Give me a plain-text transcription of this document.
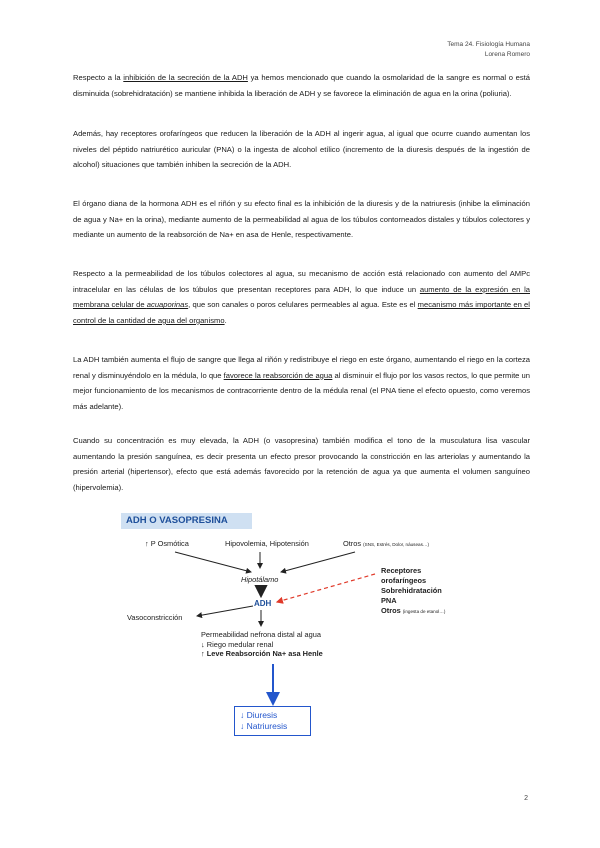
Tema 24. Fisiología Humana
Lorena Romero
Respecto a la inhibición de la secreción de la ADH ya hemos mencionado que cuando la osmolaridad de la sangre es normal o está disminuida (sobrehidratación) se mantiene inhibida la liberación de ADH y se favorece la eliminación de agua en la orina (poliuria).
Además, hay receptores orofaríngeos que reducen la liberación de la ADH al ingerir agua, al igual que ocurre cuando aumentan los niveles del péptido natriurético auricular (PNA) o la ingesta de alcohol etílico (incremento de la diuresis después de la ingestión de alcohol) situaciones que también inhiben la secreción de la ADH.
El órgano diana de la hormona ADH es el riñón y su efecto final es la inhibición de la diuresis y de la natriuresis (inhibe la eliminación de agua y Na+ en la orina), mediante aumento de la permeabilidad al agua de los túbulos contorneados distales y túbulos colectores y mediante un aumento de la reabsorción de Na+ en asa de Henle, respectivamente.
Respecto a la permeabilidad de los túbulos colectores al agua, su mecanismo de acción está relacionado con aumento del AMPc intracelular en las células de los túbulos que presentan receptores para ADH, lo que induce un aumento de la expresión en la membrana celular de acuaporinas, que son canales o poros celulares permeables al agua. Este es el mecanismo más importante en el control de la cantidad de agua del organismo.
La ADH también aumenta el flujo de sangre que llega al riñón y redistribuye el riego en este órgano, aumentando el riego en la corteza renal y disminuyéndolo en la médula, lo que favorece la reabsorción de agua al disminuir el flujo por los vasos rectos, lo que permite un mejor funcionamiento de los mecanismos de contracorriente dentro de la médula renal (el PNA tiene el efecto opuesto, como veremos más adelante).
Cuando su concentración es muy elevada, la ADH (o vasopresina) también modifica el tono de la musculatura lisa vascular aumentando la presión sanguínea, es decir presenta un efecto presor provocando la constricción en las arteriolas y aumentando la presión arterial (hipertensor), efecto que está además favorecido por la retención de agua ya que aumenta el volumen sanguíneo (hipervolemia).
ADH O VASOPRESINA
↑ P Osmótica	Hipovolemia, Hipotensión	Otros (SNS, Estrés, Dolor, náuseas…)
Hipotálamo
ADH
Vasoconstricción
Receptores
orofaríngeos
Sobrehidratación
PNA
Otros (ingesta de etanol…)
Permeabilidad nefrona distal al agua
↓ Riego medular renal
↑ Leve Reabsorción Na+ asa Henle
↓ Diuresis
↓ Natriuresis
2
